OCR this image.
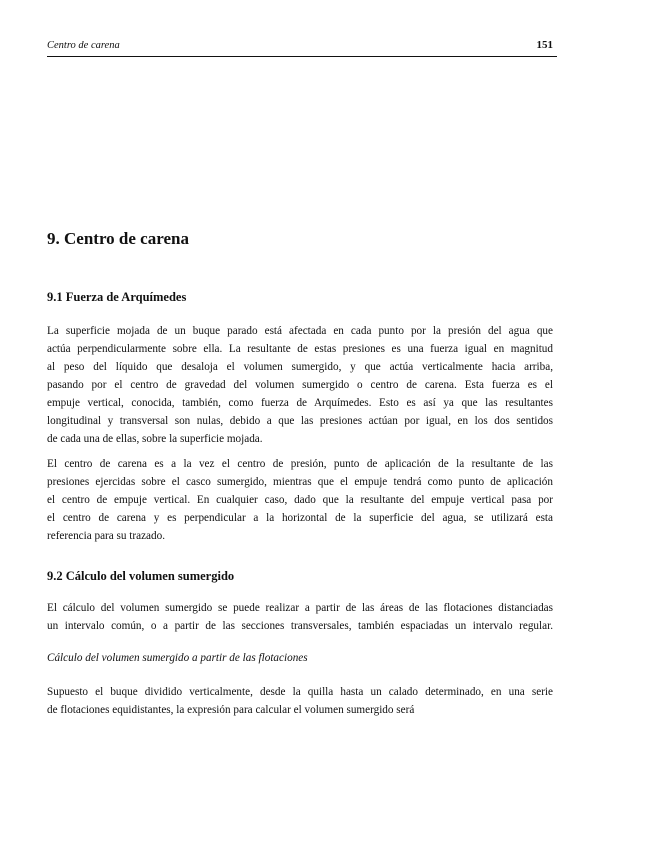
Centro de carena	151
9. Centro de carena
9.1 Fuerza de Arquímedes
La superficie mojada de un buque parado está afectada en cada punto por la presión del agua que
actúa perpendicularmente sobre ella. La resultante de estas presiones es una fuerza igual en magnitud
al peso del líquido que desaloja el volumen sumergido, y que actúa verticalmente hacia arriba,
pasando por el centro de gravedad del volumen sumergido o centro de carena. Esta fuerza es el
empuje vertical, conocida, también, como fuerza de Arquímedes. Esto es así ya que las resultantes
longitudinal y transversal son nulas, debido a que las presiones actúan por igual, en los dos sentidos
de cada una de ellas, sobre la superficie mojada.
El centro de carena es a la vez el centro de presión, punto de aplicación de la resultante de las
presiones ejercidas sobre el casco sumergido, mientras que el empuje tendrá como punto de aplicación
el centro de empuje vertical. En cualquier caso, dado que la resultante del empuje vertical pasa por
el centro de carena y es perpendicular a la horizontal de la superficie del agua, se utilizará esta
referencia para su trazado.
9.2 Cálculo del volumen sumergido
El cálculo del volumen sumergido se puede realizar a partir de las áreas de las flotaciones distanciadas
un intervalo común, o a partir de las secciones transversales, también espaciadas un intervalo regular.
Cálculo del volumen sumergido a partir de las flotaciones
Supuesto el buque dividido verticalmente, desde la quilla hasta un calado determinado, en una serie
de flotaciones equidistantes, la expresión para calcular el volumen sumergido será
